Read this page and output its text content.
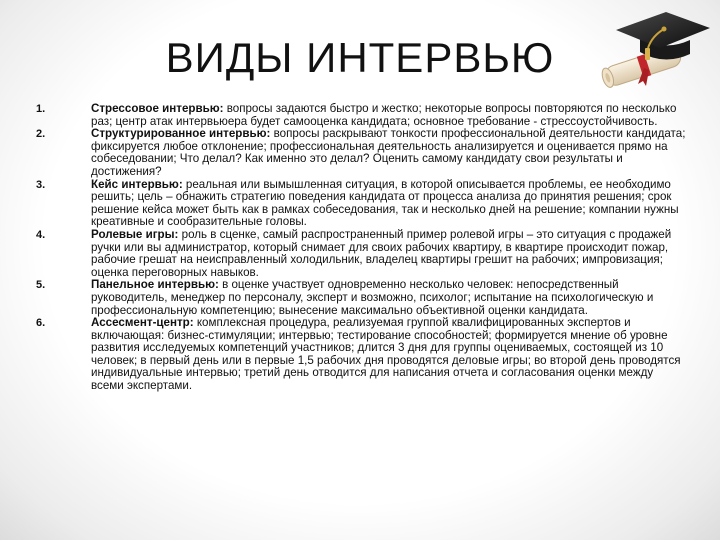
ВИДЫ ИНТЕРВЬЮ
1.	Стрессовое интервью: вопросы задаются быстро и жестко; некоторые вопросы повторяются по несколько раз; центр атак интервьюера будет самооценка кандидата; основное требование - стрессоустойчивость.
2.	Структурированное интервью: вопросы раскрывают тонкости профессиональной деятельности кандидата; фиксируется любое отклонение; профессиональная деятельность анализируется и оценивается прямо на собеседовании; Что делал? Как именно это делал? Оценить самому кандидату свои результаты и достижения?
3.	Кейс интервью: реальная или вымышленная ситуация, в которой описывается проблемы, ее необходимо решить; цель – обнажить стратегию поведения кандидата от процесса анализа до принятия решения; срок решение кейса может быть как в рамках собеседования, так и несколько дней на решение; компании нужны креативные и сообразительные головы.
4.	Ролевые игры: роль в сценке, самый распространенный пример ролевой игры – это ситуация с продажей ручки или вы администратор, который снимает для своих рабочих квартиру, в квартире происходит пожар, рабочие грешат на неисправленный холодильник, владелец квартиры грешит на рабочих; импровизация; оценка переговорных навыков.
5.	Панельное интервью: в оценке участвует одновременно несколько человек: непосредственный руководитель, менеджер по персоналу, эксперт и возможно, психолог; испытание на психологическую и профессиональную компетенцию; вынесение максимально объективной оценки кандидата.
6.	Ассесмент-центр: комплексная процедура, реализуемая группой квалифицированных экспертов и включающая: бизнес-стимуляции; интервью; тестирование способностей; формируется мнение об уровне развития исследуемых компетенций участников; длится 3 дня для группы оцениваемых, состоящей из 10 человек; в первый день или в первые 1,5 рабочих дня проводятся деловые игры; во второй день проводятся индивидуальные интервью; третий день отводится для написания отчета и согласования оценки между всеми экспертами.
